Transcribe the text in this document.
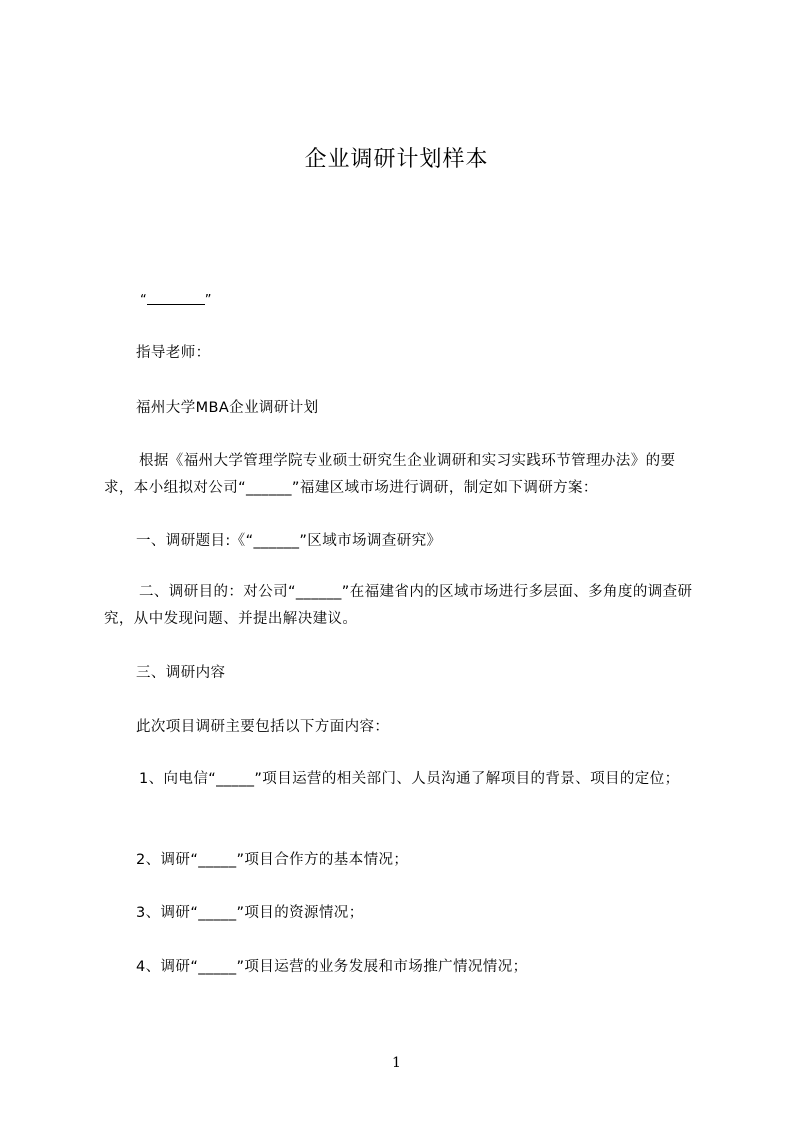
企业调研计划样本
“	”
指导老师：
福州大学MBA企业调研计划
根据《福州大学管理学院专业硕士研究生企业调研和实习实践环节管理办法》的要求，本小组拟对公司“______”福建区域市场进行调研，制定如下调研方案：
一、调研题目:《“______”区域市场调查研究》
二、调研目的：对公司“______”在福建省内的区域市场进行多层面、多角度的调查研究，从中发现问题、并提出解决建议。
三、调研内容
此次项目调研主要包括以下方面内容：
1、向电信“_____”项目运营的相关部门、人员沟通了解项目的背景、项目的定位；
2、调研“_____”项目合作方的基本情况；
3、调研“_____”项目的资源情况；
4、调研“_____”项目运营的业务发展和市场推广情况情况；
1
